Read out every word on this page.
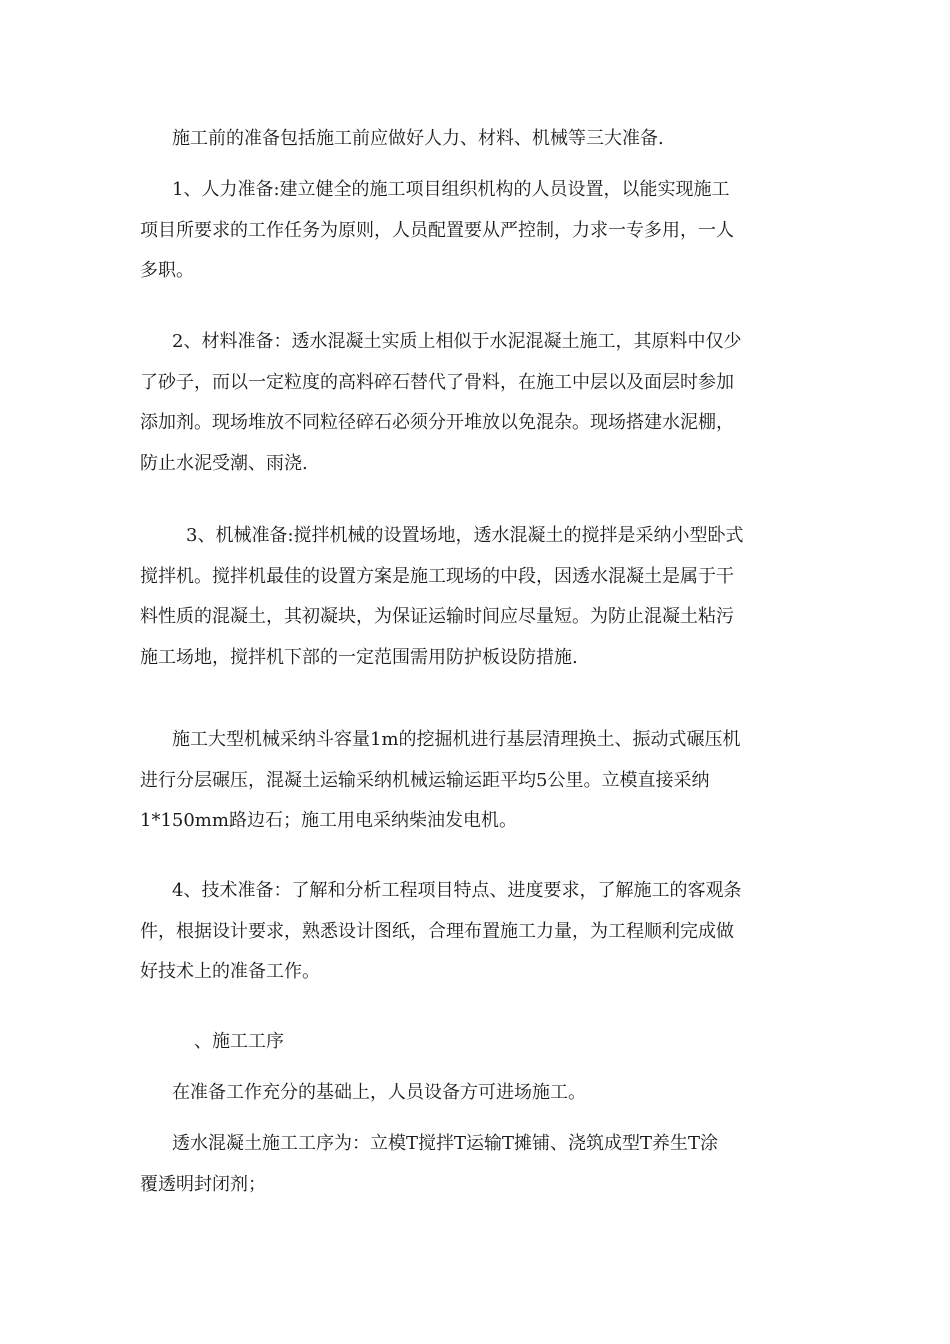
施工前的准备包括施工前应做好人力、材料、机械等三大准备.
1、人力准备:建立健全的施工项目组织机构的人员设置，以能实现施工
项目所要求的工作任务为原则，人员配置要从严控制，力求一专多用，一人
多职。
2、材料准备：透水混凝土实质上相似于水泥混凝土施工，其原料中仅少
了砂子，而以一定粒度的高料碎石替代了骨料，在施工中层以及面层时参加
添加剂。现场堆放不同粒径碎石必须分开堆放以免混杂。现场搭建水泥棚，
防止水泥受潮、雨浇.
3、机械准备:搅拌机械的设置场地，透水混凝土的搅拌是采纳小型卧式
搅拌机。搅拌机最佳的设置方案是施工现场的中段，因透水混凝土是属于干
料性质的混凝土，其初凝块，为保证运输时间应尽量短。为防止混凝土粘污
施工场地，搅拌机下部的一定范围需用防护板设防措施.
施工大型机械采纳斗容量1m的挖掘机进行基层清理换土、振动式碾压机
进行分层碾压，混凝土运输采纳机械运输运距平均5公里。立模直接采纳
1*150mm路边石；施工用电采纳柴油发电机。
4、技术准备：了解和分析工程项目特点、进度要求，了解施工的客观条
件，根据设计要求，熟悉设计图纸，合理布置施工力量，为工程顺利完成做
好技术上的准备工作。
、施工工序
在准备工作充分的基础上，人员设备方可进场施工。
透水混凝土施工工序为：立模T搅拌T运输T摊铺、浇筑成型T养生T涂
覆透明封闭剂；
